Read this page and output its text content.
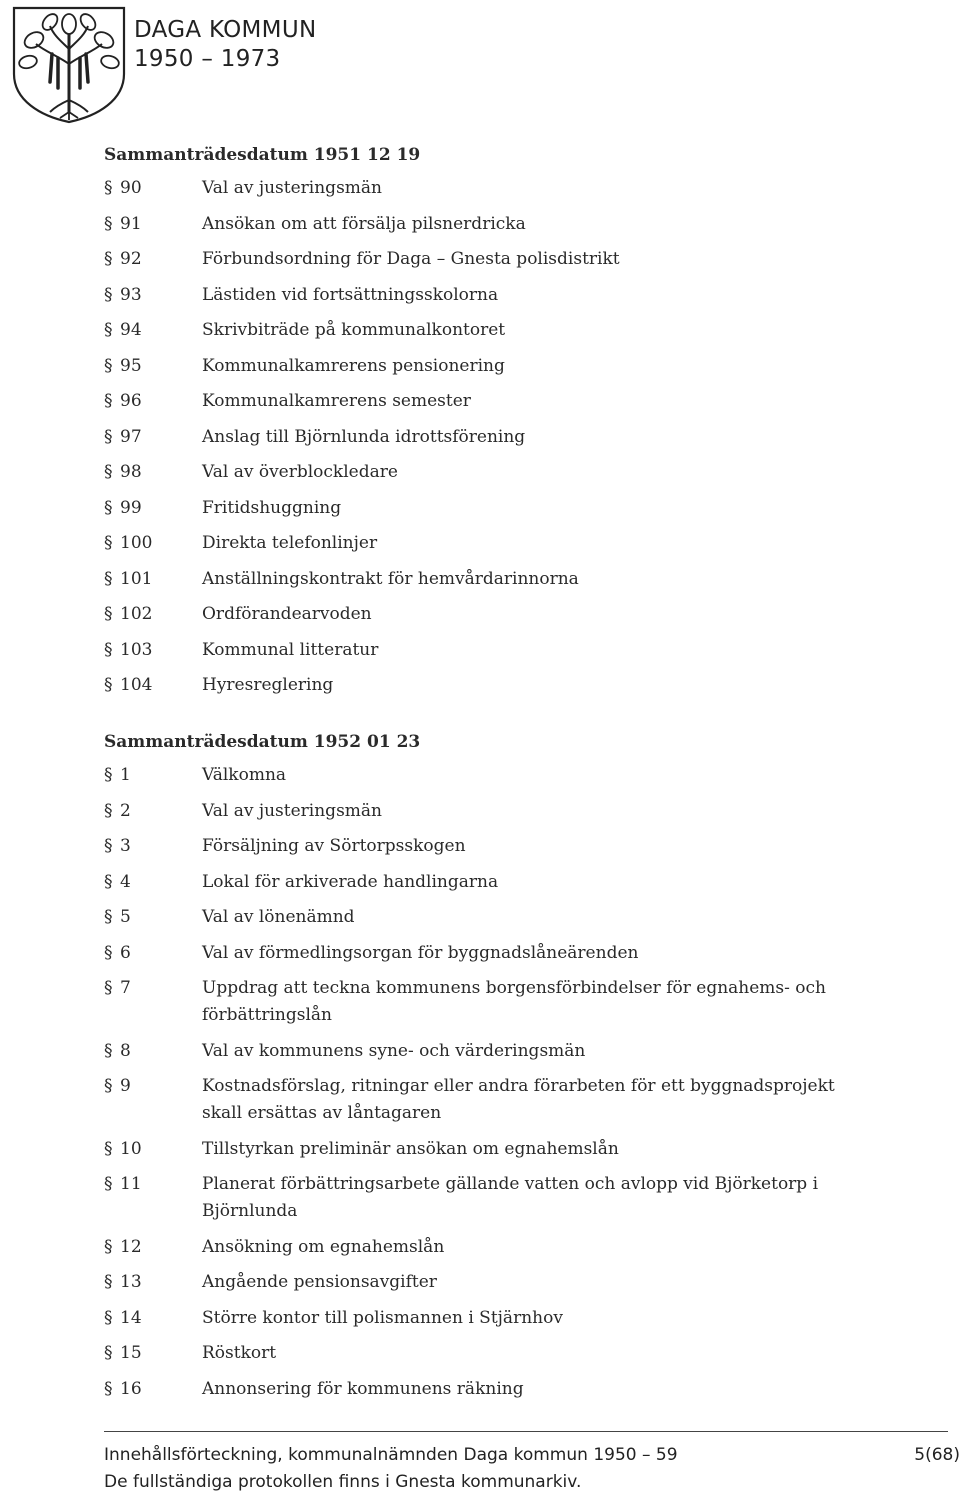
DAGA KOMMUN
1950 – 1973
Sammanträdesdatum 1951 12 19
§ 90	Val av justeringsmän
§ 91	Ansökan om att försälja pilsnerdricka
§ 92	Förbundsordning för Daga – Gnesta polisdistrikt
§ 93	Lästiden vid fortsättningsskolorna
§ 94	Skrivbiträde på kommunalkontoret
§ 95	Kommunalkamrerens pensionering
§ 96	Kommunalkamrerens semester
§ 97	Anslag till Björnlunda idrottsförening
§ 98	Val av överblockledare
§ 99	Fritidshuggning
§ 100	Direkta telefonlinjer
§ 101	Anställningskontrakt för hemvårdarinnorna
§ 102	Ordförandearvoden
§ 103	Kommunal litteratur
§ 104	Hyresreglering
Sammanträdesdatum 1952 01 23
§ 1	Välkomna
§ 2	Val av justeringsmän
§ 3	Försäljning av Sörtorpsskogen
§ 4	Lokal för arkiverade handlingarna
§ 5	Val av lönenämnd
§ 6	Val av förmedlingsorgan för byggnadslåneärenden
§ 7	Uppdrag att teckna kommunens borgensförbindelser för egnahems- och förbättringslån
§ 8	Val av kommunens syne- och värderingsmän
§ 9	Kostnadsförslag, ritningar eller andra förarbeten för ett byggnadsprojekt skall ersättas av låntagaren
§ 10	Tillstyrkan preliminär ansökan om egnahemslån
§ 11	Planerat förbättringsarbete gällande vatten och avlopp vid Björketorp i Björnlunda
§ 12	Ansökning om egnahemslån
§ 13	Angående pensionsavgifter
§ 14	Större kontor till polismannen i Stjärnhov
§ 15	Röstkort
§ 16	Annonsering för kommunens räkning
Innehållsförteckning, kommunalnämnden Daga kommun 1950 – 59	5(68)
De fullständiga protokollen finns i Gnesta kommunarkiv.
